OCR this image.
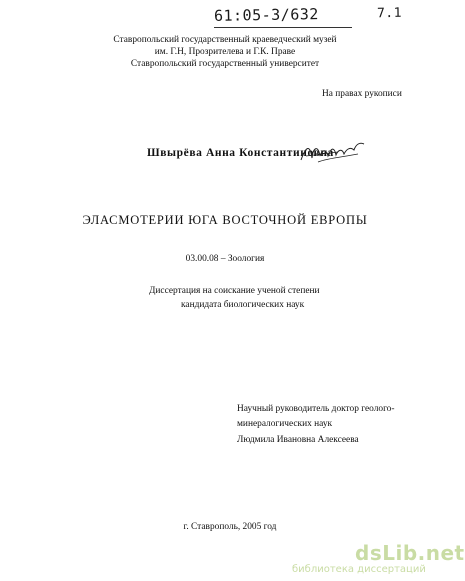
61:05-3/632	7.1
Ставропольский государственный краеведческий музей
им. Г.Н, Прозрителева и Г.К. Праве
Ставропольский государственный университет
На правах рукописи
Швырёва Анна Константиновна
ЭЛАСМОТЕРИИ ЮГА ВОСТОЧНОЙ ЕВРОПЫ
03.00.08 – Зоология
Диссертация на соискание ученой степени
кандидата биологических наук
Научный руководитель доктор геолого-
минералогических наук
Людмила Ивановна Алексеева
г. Ставрополь, 2005 год
dsLib.net
библиотека диссертаций
